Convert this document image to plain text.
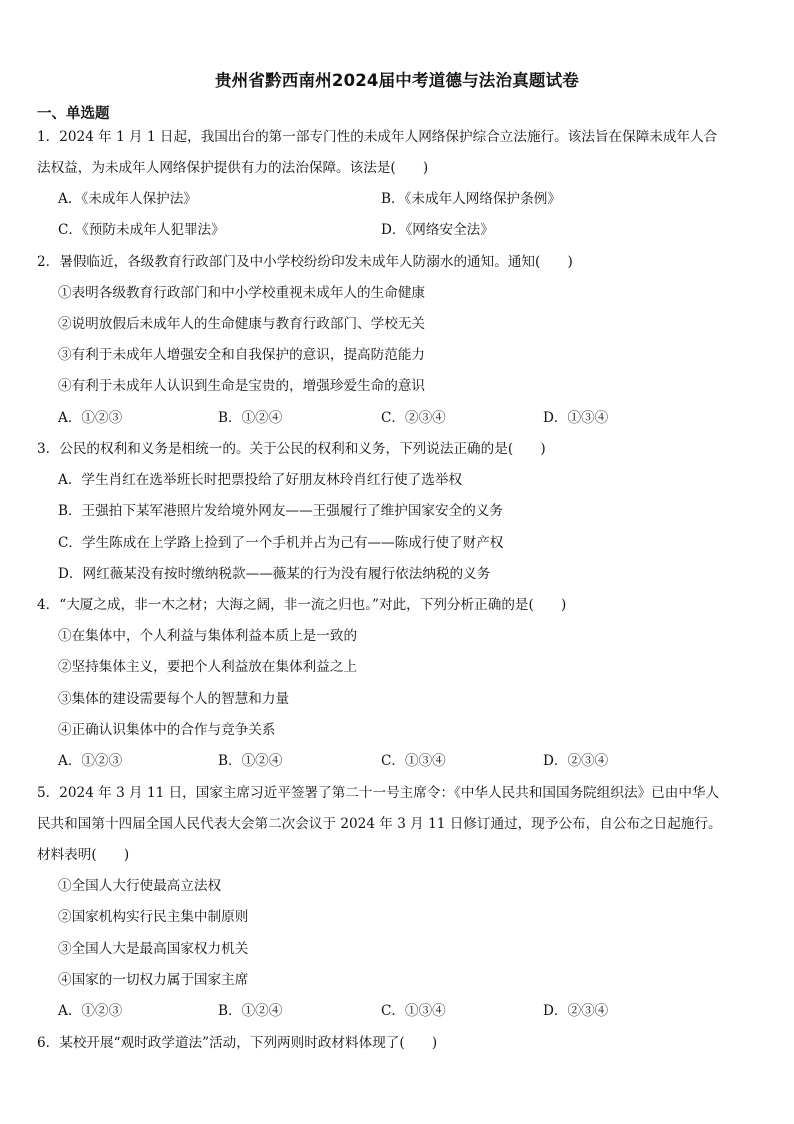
贵州省黔西南州2024届中考道德与法治真题试卷
一、单选题
1．2024 年 1 月 1 日起，我国出台的第一部专门性的未成年人网络保护综合立法施行。该法旨在保障未成年人合
法权益，为未成年人网络保护提供有力的法治保障。该法是(　　)
A．《未成年人保护法》	B．《未成年人网络保护条例》
C．《预防未成年人犯罪法》	D．《网络安全法》
2．暑假临近，各级教育行政部门及中小学校纷纷印发未成年人防溺水的通知。通知(　　)
①表明各级教育行政部门和中小学校重视未成年人的生命健康
②说明放假后未成年人的生命健康与教育行政部门、学校无关
③有利于未成年人增强安全和自我保护的意识，提高防范能力
④有利于未成年人认识到生命是宝贵的，增强珍爱生命的意识
A．①②③	B．①②④	C．②③④	D．①③④
3．公民的权利和义务是相统一的。关于公民的权利和义务，下列说法正确的是(　　)
A．学生肖红在选举班长时把票投给了好朋友林玲肖红行使了选举权
B．王强拍下某军港照片发给境外网友——王强履行了维护国家安全的义务
C．学生陈成在上学路上捡到了一个手机并占为己有——陈成行使了财产权
D．网红薇某没有按时缴纳税款——薇某的行为没有履行依法纳税的义务
4．“大厦之成，非一木之材；大海之阔，非一流之归也。”对此，下列分析正确的是(　　)
①在集体中，个人利益与集体利益本质上是一致的
②坚持集体主义，要把个人利益放在集体利益之上
③集体的建设需要每个人的智慧和力量
④正确认识集体中的合作与竞争关系
A．①②③	B．①②④	C．①③④	D．②③④
5．2024 年 3 月 11 日，国家主席习近平签署了第二十一号主席令：《中华人民共和国国务院组织法》已由中华人
民共和国第十四届全国人民代表大会第二次会议于 2024 年 3 月 11 日修订通过，现予公布，自公布之日起施行。
材料表明(　　)
①全国人大行使最高立法权
②国家机构实行民主集中制原则
③全国人大是最高国家权力机关
④国家的一切权力属于国家主席
A．①②③	B．①②④	C．①③④	D．②③④
6．某校开展“观时政学道法”活动，下列两则时政材料体现了(　　)
